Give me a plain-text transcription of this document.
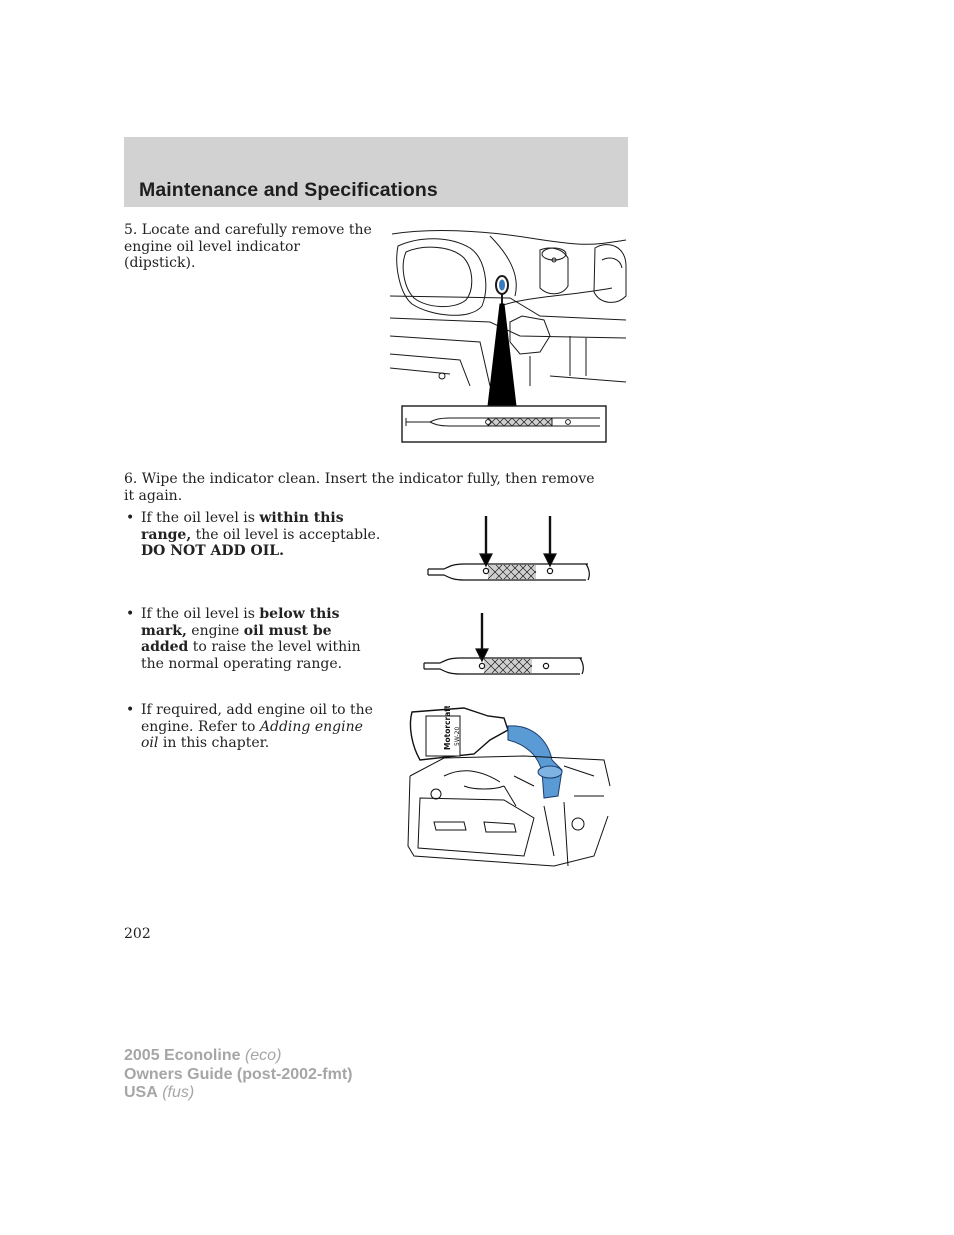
Maintenance and Specifications

5. Locate and carefully remove the engine oil level indicator (dipstick).

6. Wipe the indicator clean. Insert the indicator fully, then remove it again.

• If the oil level is within this range, the oil level is acceptable. DO NOT ADD OIL.
• If the oil level is below this mark, engine oil must be added to raise the level within the normal operating range.
• If required, add engine oil to the engine. Refer to Adding engine oil in this chapter.	Motorcraft 5W-20
202
2005 Econoline (eco)
Owners Guide (post-2002-fmt)
USA (fus)
